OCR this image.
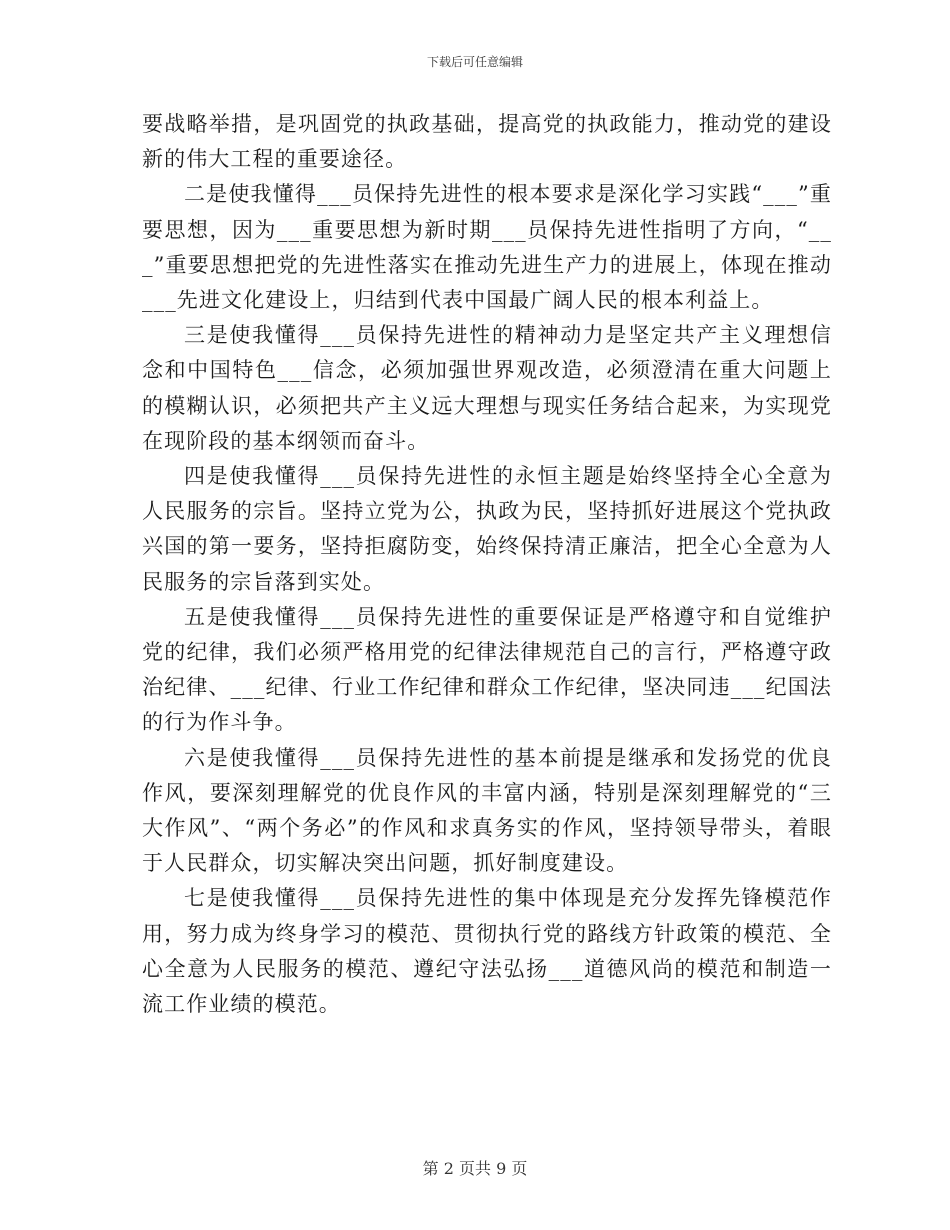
下载后可任意编辑

要战略举措，是巩固党的执政基础，提高党的执政能力，推动党的建设新的伟大工程的重要途径。

二是使我懂得___员保持先进性的根本要求是深化学习实践“___”重要思想，因为___重要思想为新时期___员保持先进性指明了方向，“___”重要思想把党的先进性落实在推动先进生产力的进展上，体现在推动___先进文化建设上，归结到代表中国最广阔人民的根本利益上。

三是使我懂得___员保持先进性的精神动力是坚定共产主义理想信念和中国特色___信念，必须加强世界观改造，必须澄清在重大问题上的模糊认识，必须把共产主义远大理想与现实任务结合起来，为实现党在现阶段的基本纲领而奋斗。

四是使我懂得___员保持先进性的永恒主题是始终坚持全心全意为人民服务的宗旨。坚持立党为公，执政为民，坚持抓好进展这个党执政兴国的第一要务，坚持拒腐防变，始终保持清正廉洁，把全心全意为人民服务的宗旨落到实处。

五是使我懂得___员保持先进性的重要保证是严格遵守和自觉维护党的纪律，我们必须严格用党的纪律法律规范自己的言行，严格遵守政治纪律、___纪律、行业工作纪律和群众工作纪律，坚决同违___纪国法的行为作斗争。

六是使我懂得___员保持先进性的基本前提是继承和发扬党的优良作风，要深刻理解党的优良作风的丰富内涵，特别是深刻理解党的“三大作风”、“两个务必”的作风和求真务实的作风，坚持领导带头，着眼于人民群众，切实解决突出问题，抓好制度建设。

七是使我懂得___员保持先进性的集中体现是充分发挥先锋模范作用，努力成为终身学习的模范、贯彻执行党的路线方针政策的模范、全心全意为人民服务的模范、遵纪守法弘扬___道德风尚的模范和制造一流工作业绩的模范。

第 2 页共 9 页
